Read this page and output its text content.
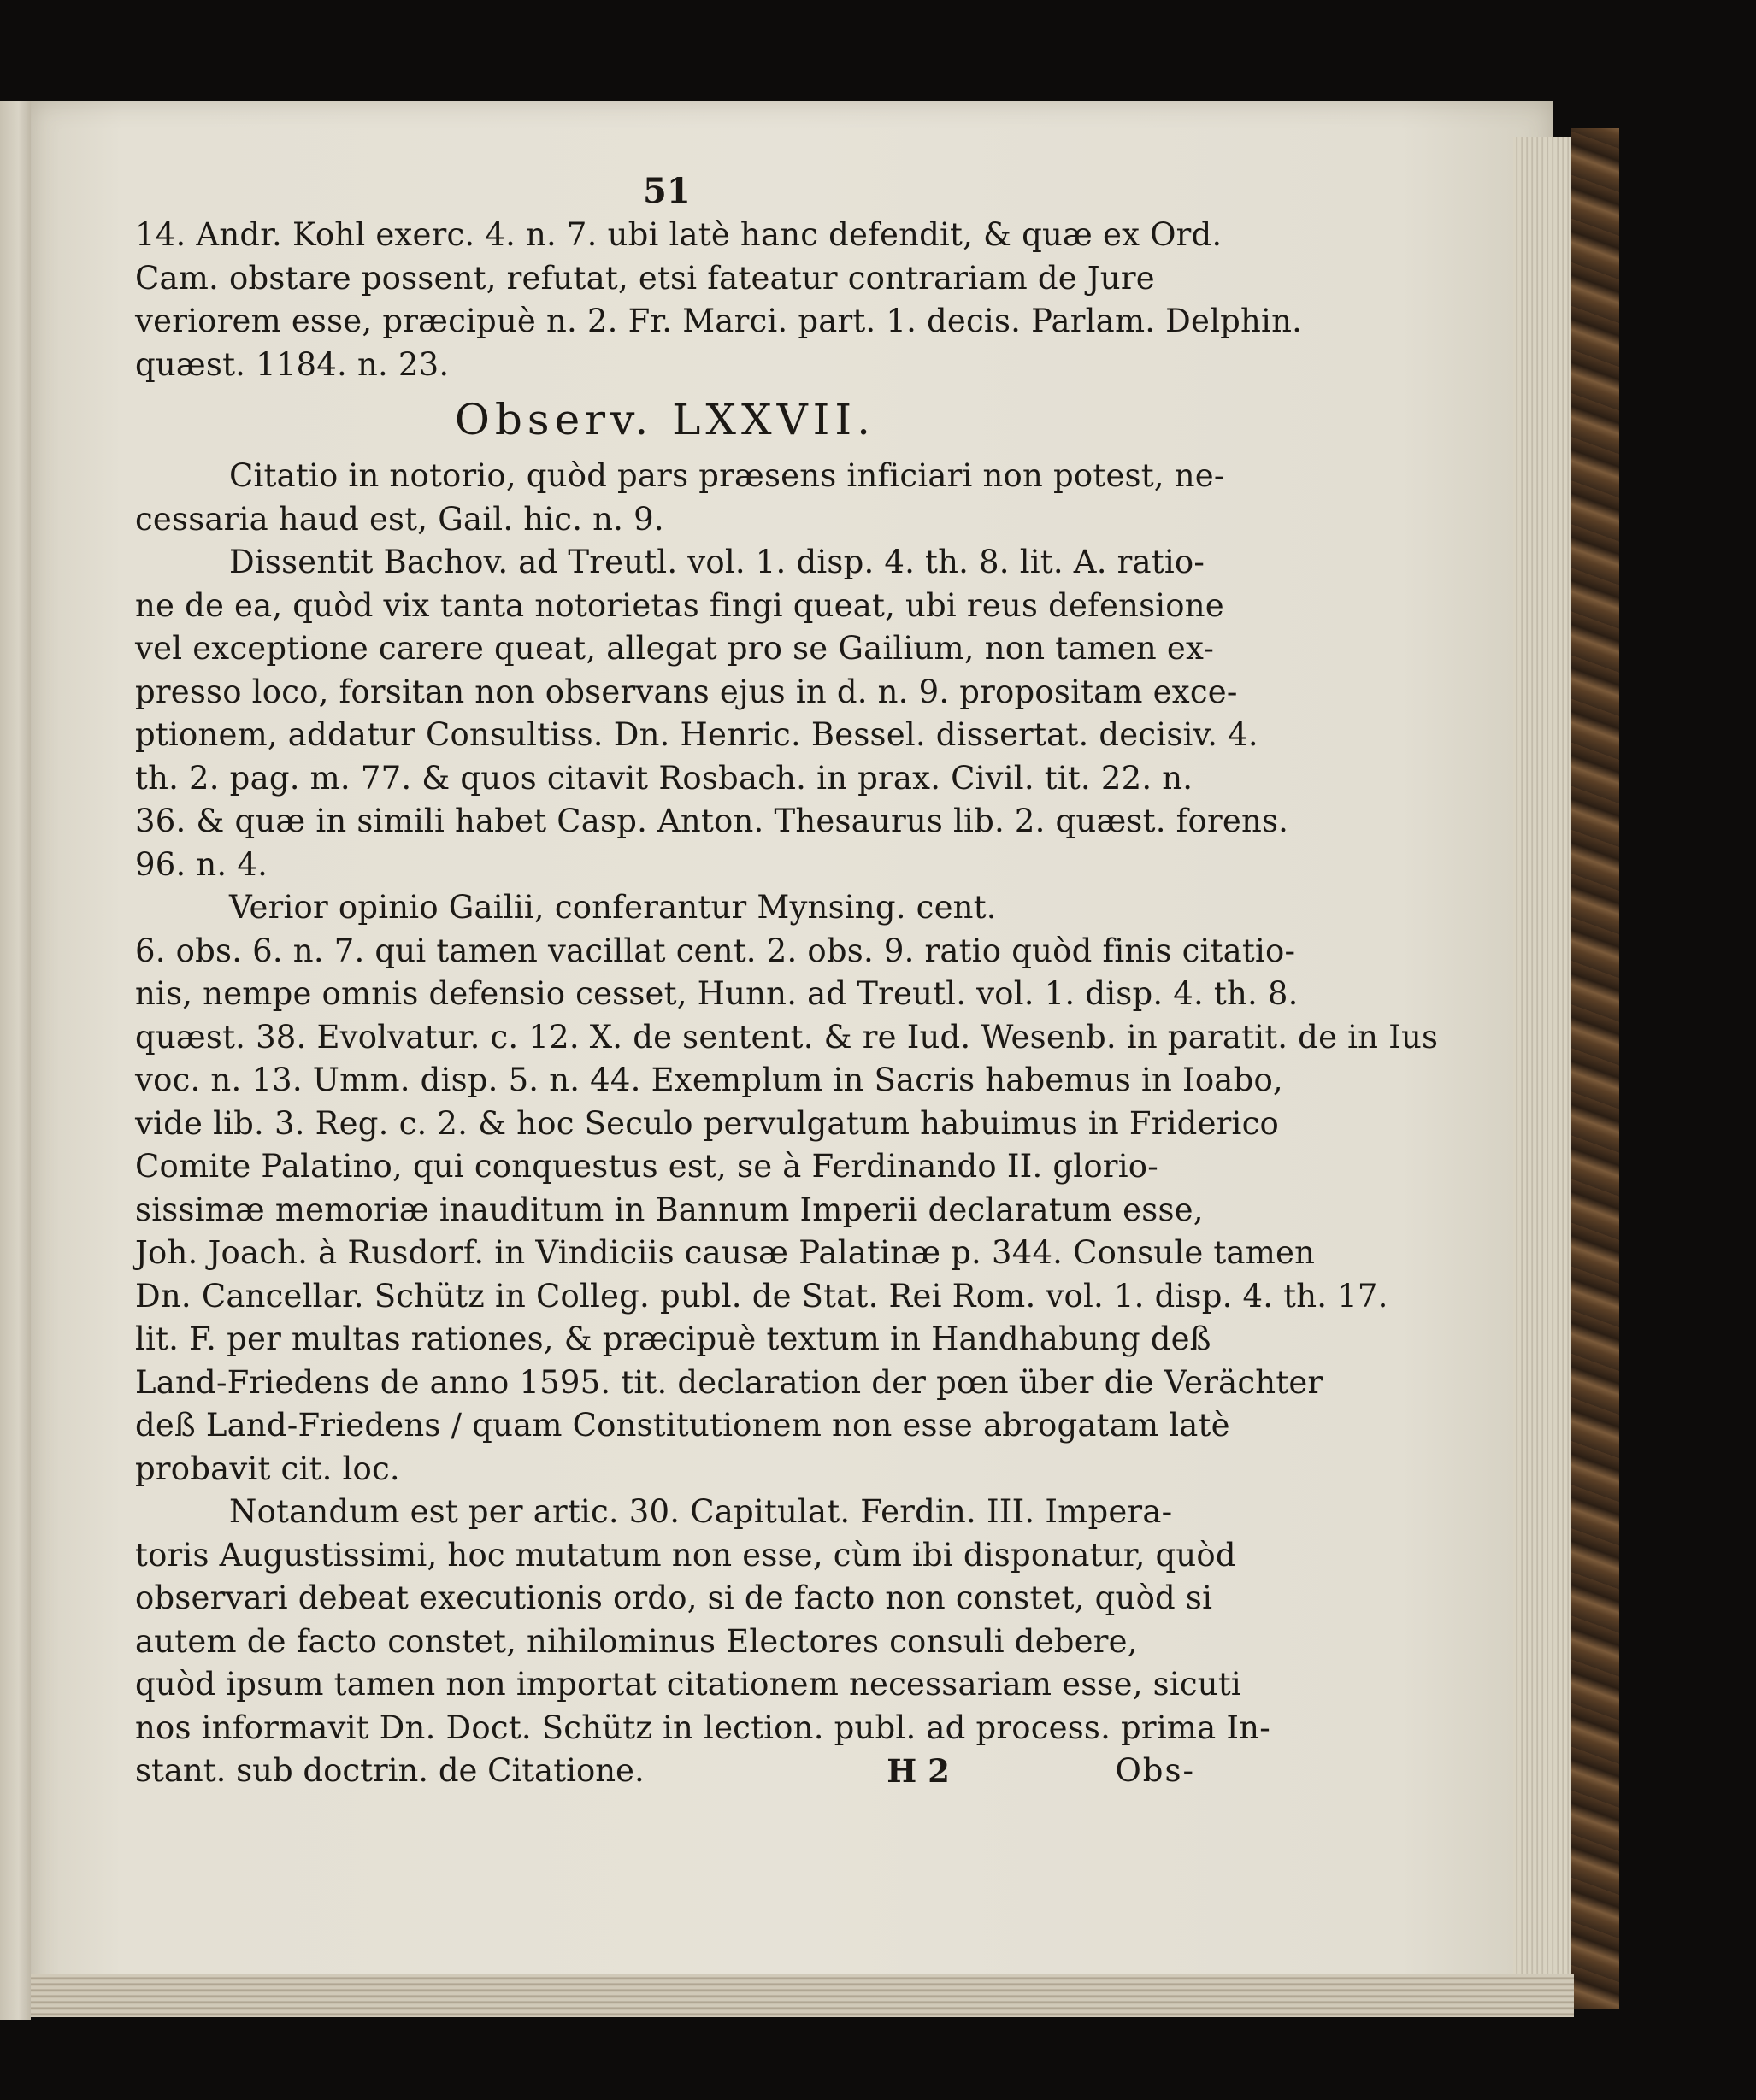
51
14. Andr. Kohl exerc. 4. n. 7. ubi latè hanc defendit, & quæ ex Ord.
Cam. obstare possent, refutat, etsi fateatur contrariam de Jure
veriorem esse, præcipuè n. 2. Fr. Marci. part. 1. decis. Parlam. Delphin.
quæst. 1184. n. 23.
Observ. LXXVII.
Citatio in notorio, quòd pars præsens inficiari non potest, ne-
cessaria haud est, Gail. hic. n. 9.
Dissentit Bachov. ad Treutl. vol. 1. disp. 4. th. 8. lit. A. ratio-
ne de ea, quòd vix tanta notorietas fingi queat, ubi reus defensione
vel exceptione carere queat, allegat pro se Gailium, non tamen ex-
presso loco, forsitan non observans ejus in d. n. 9. propositam exce-
ptionem, addatur Consultiss. Dn. Henric. Bessel. dissertat. decisiv. 4.
th. 2. pag. m. 77. & quos citavit Rosbach. in prax. Civil. tit. 22. n.
36. & quæ in simili habet Casp. Anton. Thesaurus lib. 2. quæst. forens.
96. n. 4.
Verior opinio Gailii, conferantur Mynsing. cent.
6. obs. 6. n. 7. qui tamen vacillat cent. 2. obs. 9. ratio quòd finis citatio-
nis, nempe omnis defensio cesset, Hunn. ad Treutl. vol. 1. disp. 4. th. 8.
quæst. 38. Evolvatur. c. 12. X. de sentent. & re Iud. Wesenb. in paratit. de in Ius
voc. n. 13. Umm. disp. 5. n. 44. Exemplum in Sacris habemus in Ioabo,
vide lib. 3. Reg. c. 2. & hoc Seculo pervulgatum habuimus in Friderico
Comite Palatino, qui conquestus est, se à Ferdinando II. glorio-
sissimæ memoriæ inauditum in Bannum Imperii declaratum esse,
Joh. Joach. à Rusdorf. in Vindiciis causæ Palatinæ p. 344. Consule tamen
Dn. Cancellar. Schütz in Colleg. publ. de Stat. Rei Rom. vol. 1. disp. 4. th. 17.
lit. F. per multas rationes, & præcipuè textum in Handhabung deß
Land-Friedens de anno 1595. tit. declaration der pœn über die Verächter
deß Land-Friedens / quam Constitutionem non esse abrogatam latè
probavit cit. loc.
Notandum est per artic. 30. Capitulat. Ferdin. III. Impera-
toris Augustissimi, hoc mutatum non esse, cùm ibi disponatur, quòd
observari debeat executionis ordo, si de facto non constet, quòd si
autem de facto constet, nihilominus Electores consuli debere,
quòd ipsum tamen non importat citationem necessariam esse, sicuti
nos informavit Dn. Doct. Schütz in lection. publ. ad process. prima In-
stant. sub doctrin. de Citatione.	H 2	Obs-
